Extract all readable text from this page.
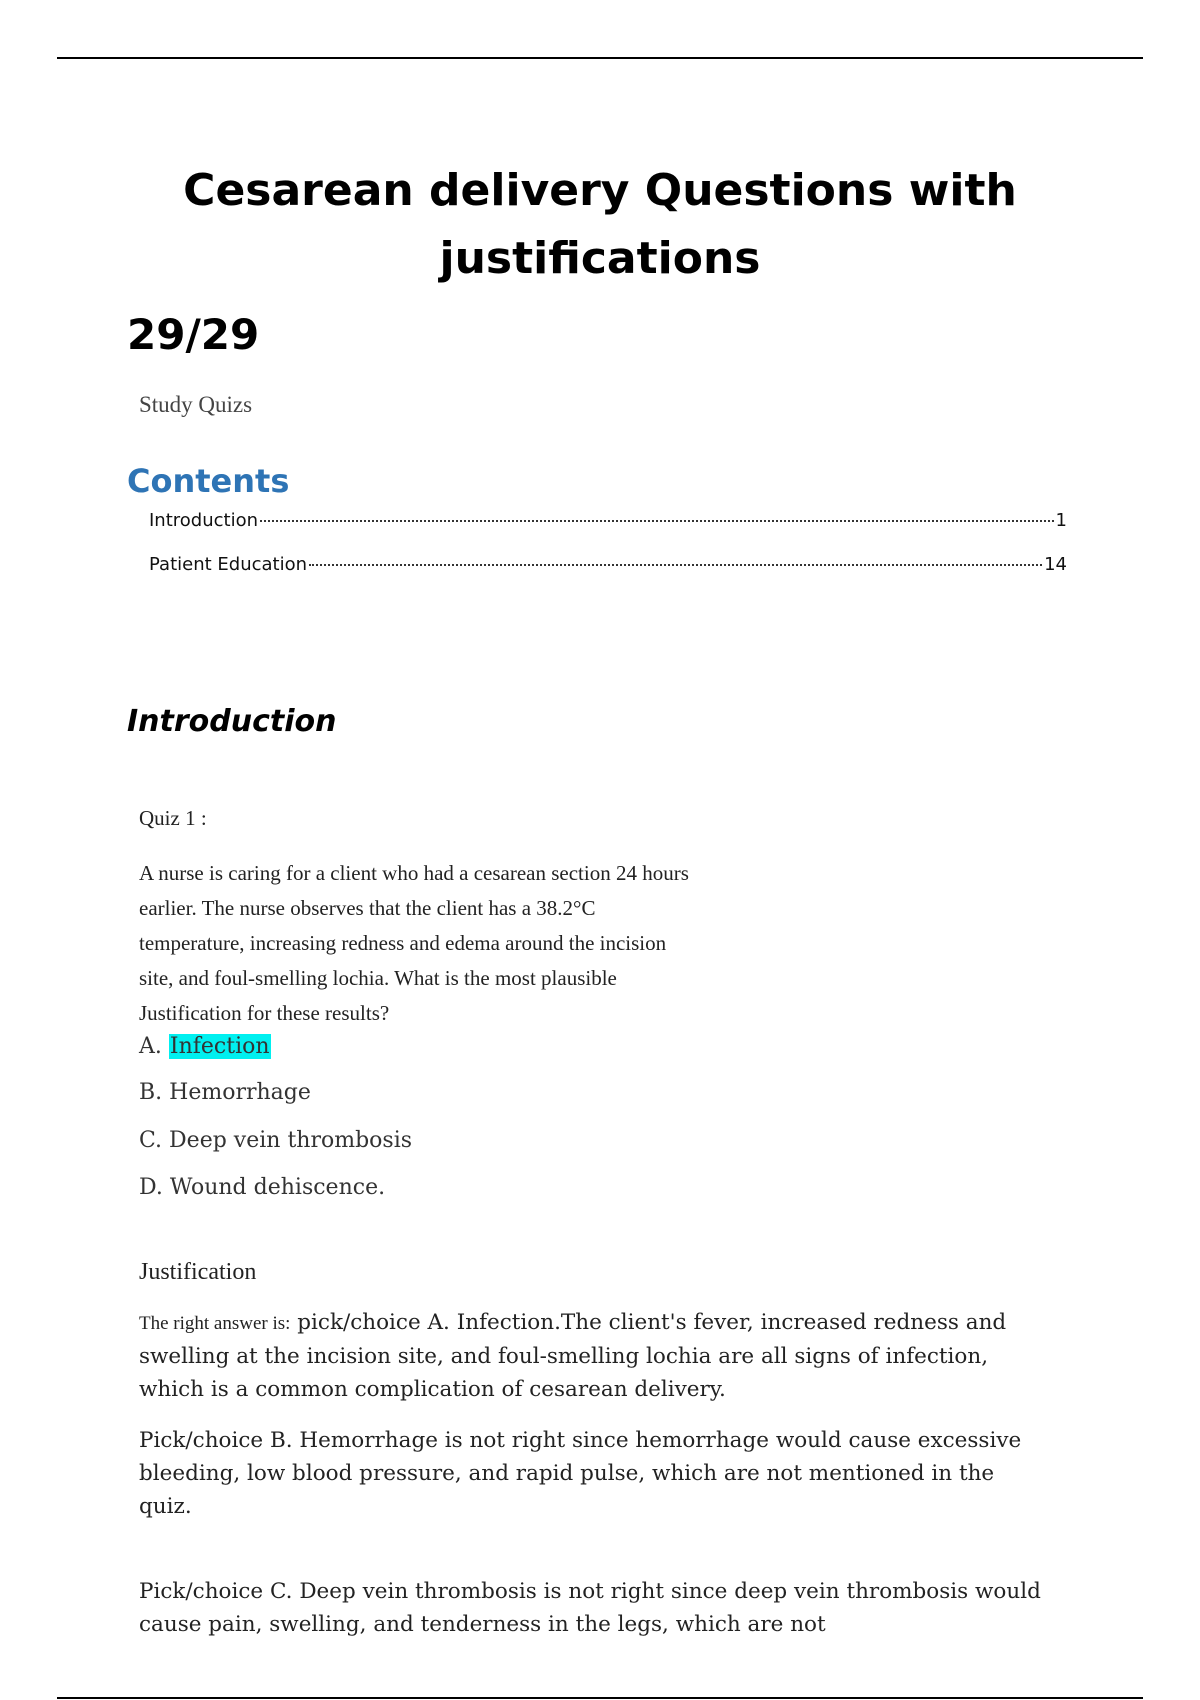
Cesarean delivery Questions with justifications
29/29
Study Quizs
Contents
Introduction	1
Patient Education	14
Introduction
Quiz 1 :

A nurse is caring for a client who had a cesarean section 24 hours earlier. The nurse observes that the client has a 38.2°C temperature, increasing redness and edema around the incision site, and foul-smelling lochia. What is the most plausible Justification for these results?

A. Infection
B. Hemorrhage
C. Deep vein thrombosis
D. Wound dehiscence.
Justification

The right answer is: pick/choice A. Infection.The client's fever, increased redness and swelling at the incision site, and foul-smelling lochia are all signs of infection, which is a common complication of cesarean delivery.

Pick/choice B. Hemorrhage is not right since hemorrhage would cause excessive bleeding, low blood pressure, and rapid pulse, which are not mentioned in the
quiz.

Pick/choice C. Deep vein thrombosis is not right since deep vein thrombosis would cause pain, swelling, and tenderness in the legs, which are not
